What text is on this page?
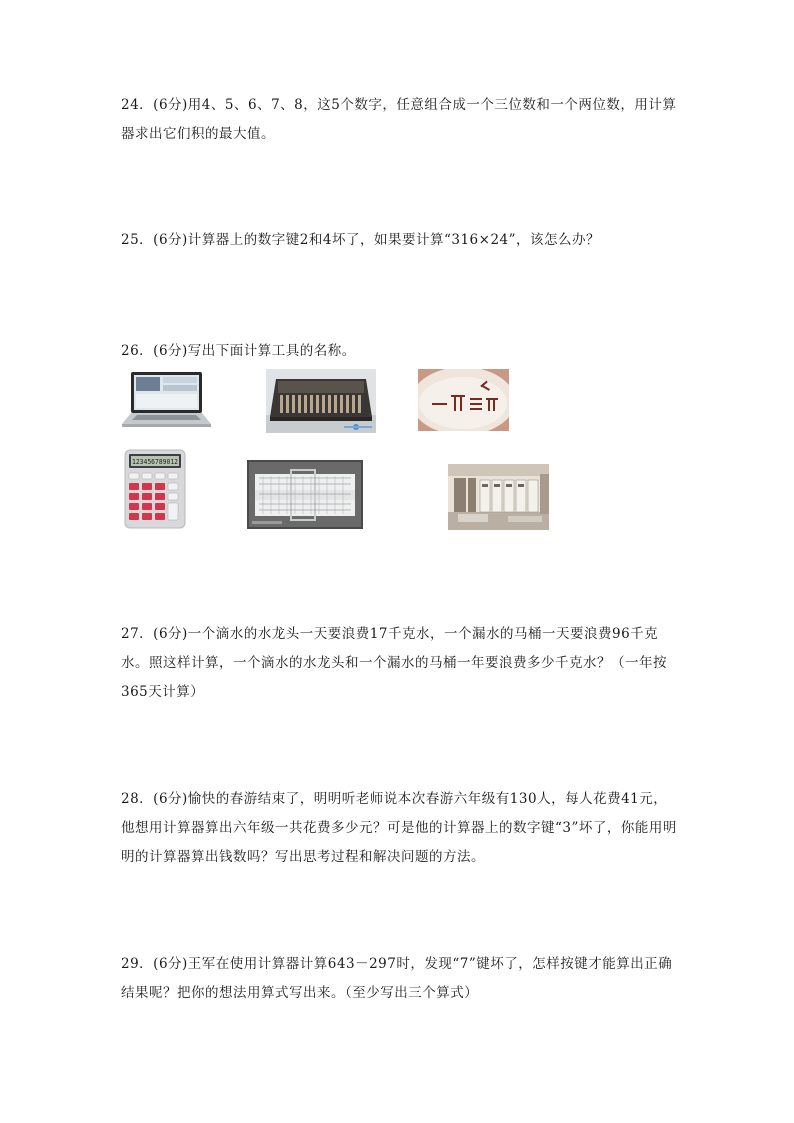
24．(6分)用4、5、6、7、8，这5个数字，任意组合成一个三位数和一个两位数，用计算器求出它们积的最大值。

25．(6分)计算器上的数字键2和4坏了，如果要计算“316×24”，该怎么办？

26．(6分)写出下面计算工具的名称。

123456789012

27．(6分)一个滴水的水龙头一天要浪费17千克水，一个漏水的马桶一天要浪费96千克水。照这样计算，一个滴水的水龙头和一个漏水的马桶一年要浪费多少千克水？（一年按365天计算）

28．(6分)愉快的春游结束了，明明听老师说本次春游六年级有130人，每人花费41元，他想用计算器算出六年级一共花费多少元？可是他的计算器上的数字键“3”坏了，你能用明明的计算器算出钱数吗？写出思考过程和解决问题的方法。

29．(6分)王军在使用计算器计算643－297时，发现“7”键坏了，怎样按键才能算出正确结果呢？把你的想法用算式写出来。（至少写出三个算式）
